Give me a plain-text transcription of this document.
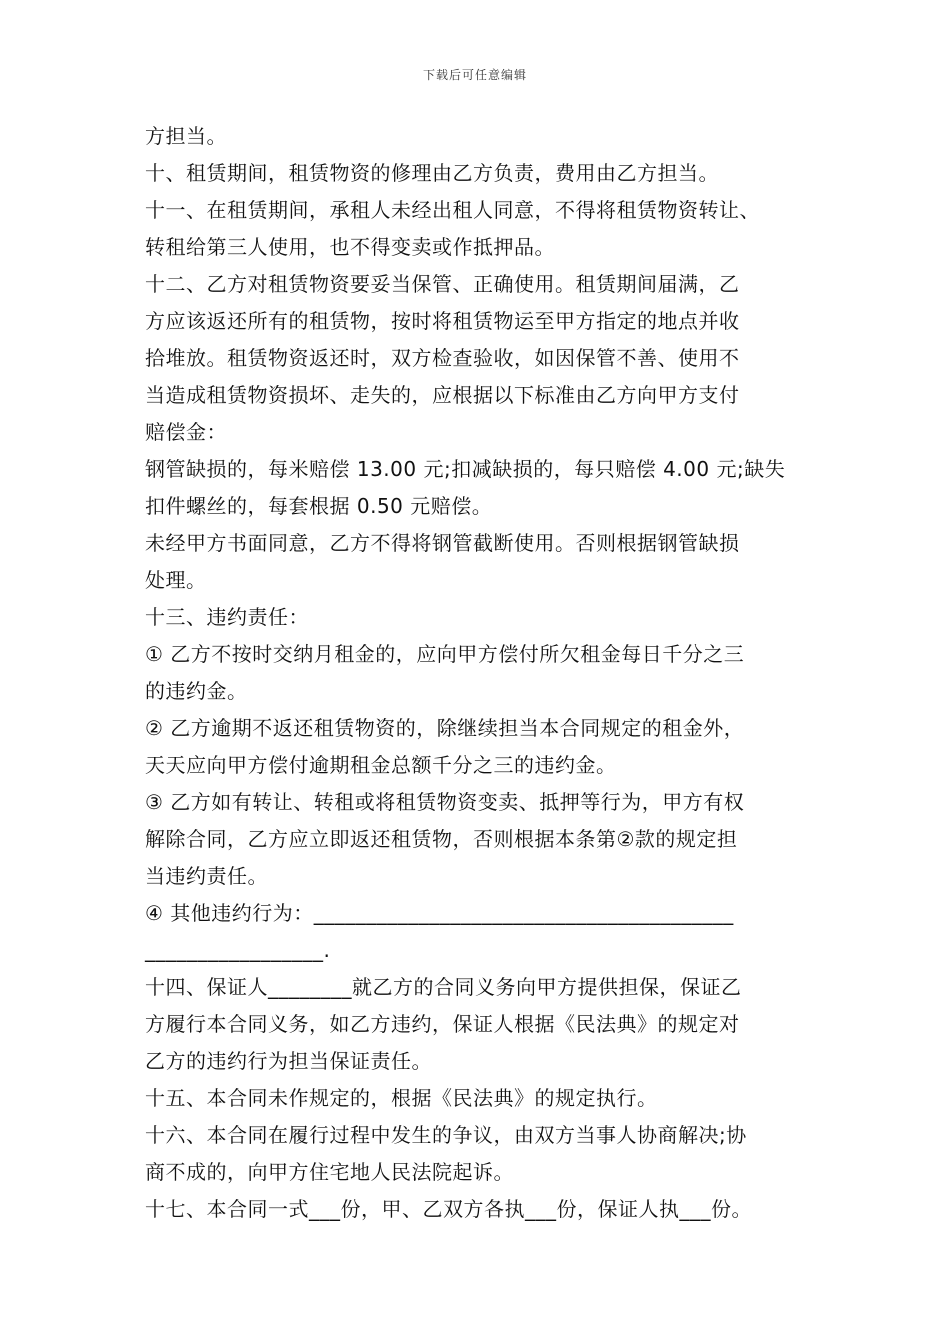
下载后可任意编辑
方担当。
十、租赁期间，租赁物资的修理由乙方负责，费用由乙方担当。
十一、在租赁期间，承租人未经出租人同意，不得将租赁物资转让、
转租给第三人使用，也不得变卖或作抵押品。
十二、乙方对租赁物资要妥当保管、正确使用。租赁期间届满，乙
方应该返还所有的租赁物，按时将租赁物运至甲方指定的地点并收
拾堆放。租赁物资返还时，双方检查验收，如因保管不善、使用不
当造成租赁物资损坏、走失的，应根据以下标准由乙方向甲方支付
赔偿金：
钢管缺损的，每米赔偿 13.00 元;扣减缺损的，每只赔偿 4.00 元;缺失
扣件螺丝的，每套根据 0.50 元赔偿。
未经甲方书面同意，乙方不得将钢管截断使用。否则根据钢管缺损
处理。
十三、违约责任：
① 乙方不按时交纳月租金的，应向甲方偿付所欠租金每日千分之三
的违约金。
② 乙方逾期不返还租赁物资的，除继续担当本合同规定的租金外，
天天应向甲方偿付逾期租金总额千分之三的违约金。
③ 乙方如有转让、转租或将租赁物资变卖、抵押等行为，甲方有权
解除合同，乙方应立即返还租赁物，否则根据本条第②款的规定担
当违约责任。
④ 其他违约行为：________________________________________
_________________.
十四、保证人________就乙方的合同义务向甲方提供担保，保证乙
方履行本合同义务，如乙方违约，保证人根据《民法典》的规定对
乙方的违约行为担当保证责任。
十五、本合同未作规定的，根据《民法典》的规定执行。
十六、本合同在履行过程中发生的争议，由双方当事人协商解决;协
商不成的，向甲方住宅地人民法院起诉。
十七、本合同一式___份，甲、乙双方各执___份，保证人执___份。
